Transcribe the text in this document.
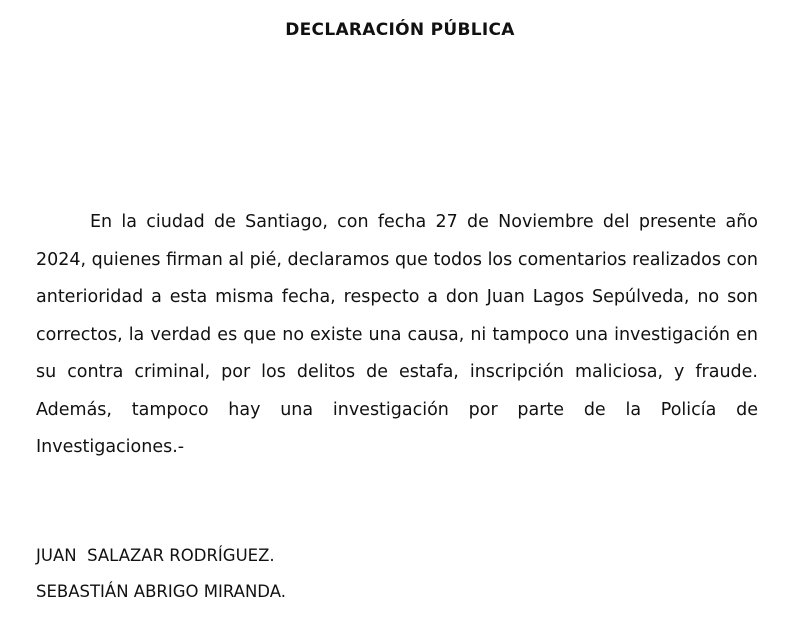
DECLARACIÓN PÚBLICA

En la ciudad de Santiago, con fecha 27 de Noviembre del presente año 2024, quienes firman al pié, declaramos que todos los comentarios realizados con anterioridad a esta misma fecha, respecto a don Juan Lagos Sepúlveda, no son correctos, la verdad es que no existe una causa, ni tampoco una investigación en su contra criminal, por los delitos de estafa, inscripción maliciosa, y fraude. Además, tampoco hay una investigación por parte de la Policía de Investigaciones.-

JUAN  SALAZAR RODRÍGUEZ.
SEBASTIÁN ABRIGO MIRANDA.
